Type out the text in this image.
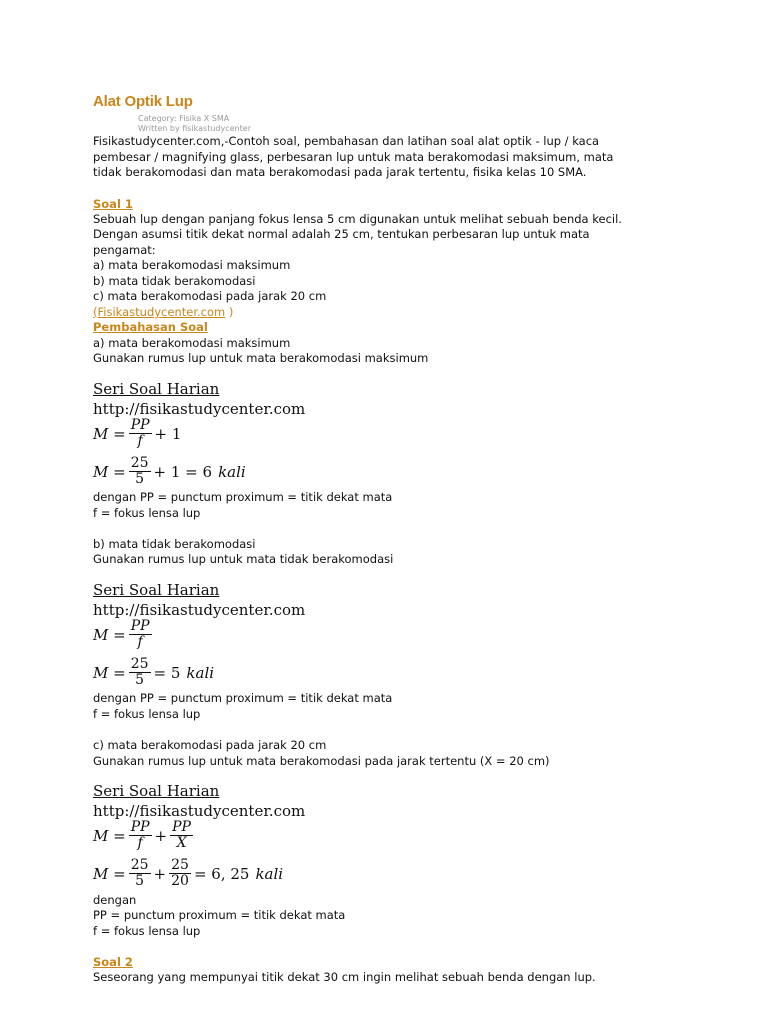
Alat Optik Lup
Category: Fisika X SMA
Written by fisikastudycenter
Fisikastudycenter.com,-Contoh soal, pembahasan dan latihan soal alat optik - lup / kaca
pembesar / magnifying glass, perbesaran lup untuk mata berakomodasi maksimum, mata
tidak berakomodasi dan mata berakomodasi pada jarak tertentu, fisika kelas 10 SMA.
Soal 1
Sebuah lup dengan panjang fokus lensa 5 cm digunakan untuk melihat sebuah benda kecil.
Dengan asumsi titik dekat normal adalah 25 cm, tentukan perbesaran lup untuk mata
pengamat:
a) mata berakomodasi maksimum
b) mata tidak berakomodasi
c) mata berakomodasi pada jarak 20 cm
(Fisikastudycenter.com )
Pembahasan Soal
a) mata berakomodasi maksimum
Gunakan rumus lup untuk mata berakomodasi maksimum
Seri Soal Harian
http://fisikastudycenter.com
$M = \frac{PP}{f} + 1$
$M = \frac{25}{5} + 1 = 6$ kali
dengan PP = punctum proximum = titik dekat mata
f = fokus lensa lup
b) mata tidak berakomodasi
Gunakan rumus lup untuk mata tidak berakomodasi
Seri Soal Harian
http://fisikastudycenter.com
$M = \frac{PP}{f}$
$M = \frac{25}{5} = 5$ kali
dengan PP = punctum proximum = titik dekat mata
f = fokus lensa lup
c) mata berakomodasi pada jarak 20 cm
Gunakan rumus lup untuk mata berakomodasi pada jarak tertentu (X = 20 cm)
Seri Soal Harian
http://fisikastudycenter.com
$M = \frac{PP}{f} + \frac{PP}{X}$
$M = \frac{25}{5} + \frac{25}{20} = 6$, 25 kali
dengan
PP = punctum proximum = titik dekat mata
f = fokus lensa lup
Soal 2
Seseorang yang mempunyai titik dekat 30 cm ingin melihat sebuah benda dengan lup.
